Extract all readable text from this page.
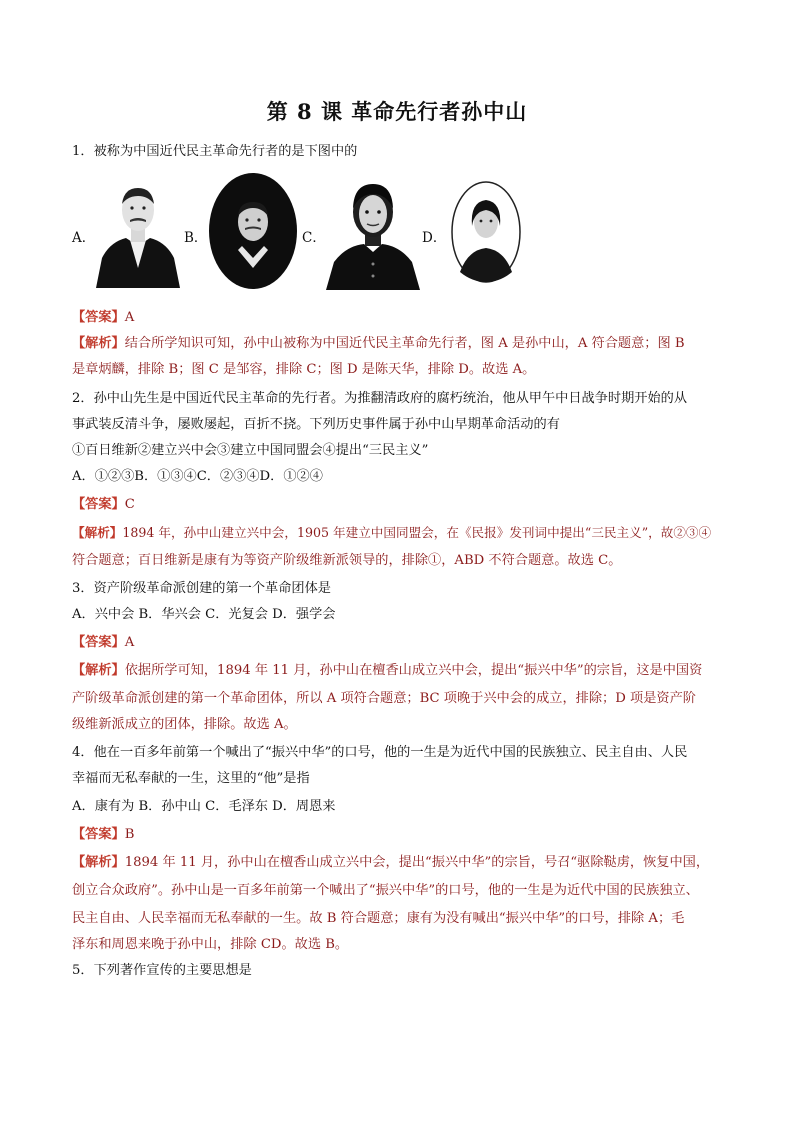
第 8 课 革命先行者孙中山
1．被称为中国近代民主革命先行者的是下图中的
A．	B．	C．	D．
【答案】A
【解析】结合所学知识可知，孙中山被称为中国近代民主革命先行者，图 A 是孙中山，A 符合题意；图 B
是章炳麟，排除 B；图 C 是邹容，排除 C；图 D 是陈天华，排除 D。故选 A。
2．孙中山先生是中国近代民主革命的先行者。为推翻清政府的腐朽统治，他从甲午中日战争时期开始的从
事武装反清斗争，屡败屡起，百折不挠。下列历史事件属于孙中山早期革命活动的有
①百日维新②建立兴中会③建立中国同盟会④提出“三民主义”
A．①②③B．①③④C．②③④D．①②④
【答案】C
【解析】1894 年，孙中山建立兴中会，1905 年建立中国同盟会，在《民报》发刊词中提出“三民主义”，故②③④
符合题意；百日维新是康有为等资产阶级维新派领导的，排除①，ABD 不符合题意。故选 C。
3．资产阶级革命派创建的第一个革命团体是
A．兴中会 B．华兴会 C．光复会 D．强学会
【答案】A
【解析】依据所学可知，1894 年 11 月，孙中山在檀香山成立兴中会，提出“振兴中华”的宗旨，这是中国资
产阶级革命派创建的第一个革命团体，所以 A 项符合题意；BC 项晚于兴中会的成立，排除；D 项是资产阶
级维新派成立的团体，排除。故选 A。
4．他在一百多年前第一个喊出了“振兴中华”的口号，他的一生是为近代中国的民族独立、民主自由、人民
幸福而无私奉献的一生，这里的“他”是指
A．康有为 B．孙中山 C．毛泽东 D．周恩来
【答案】B
【解析】1894 年 11 月，孙中山在檀香山成立兴中会，提出“振兴中华”的宗旨，号召“驱除鞑虏，恢复中国，
创立合众政府”。孙中山是一百多年前第一个喊出了“振兴中华”的口号，他的一生是为近代中国的民族独立、
民主自由、人民幸福而无私奉献的一生。故 B 符合题意；康有为没有喊出“振兴中华”的口号，排除 A；毛
泽东和周恩来晚于孙中山，排除 CD。故选 B。
5．下列著作宣传的主要思想是
